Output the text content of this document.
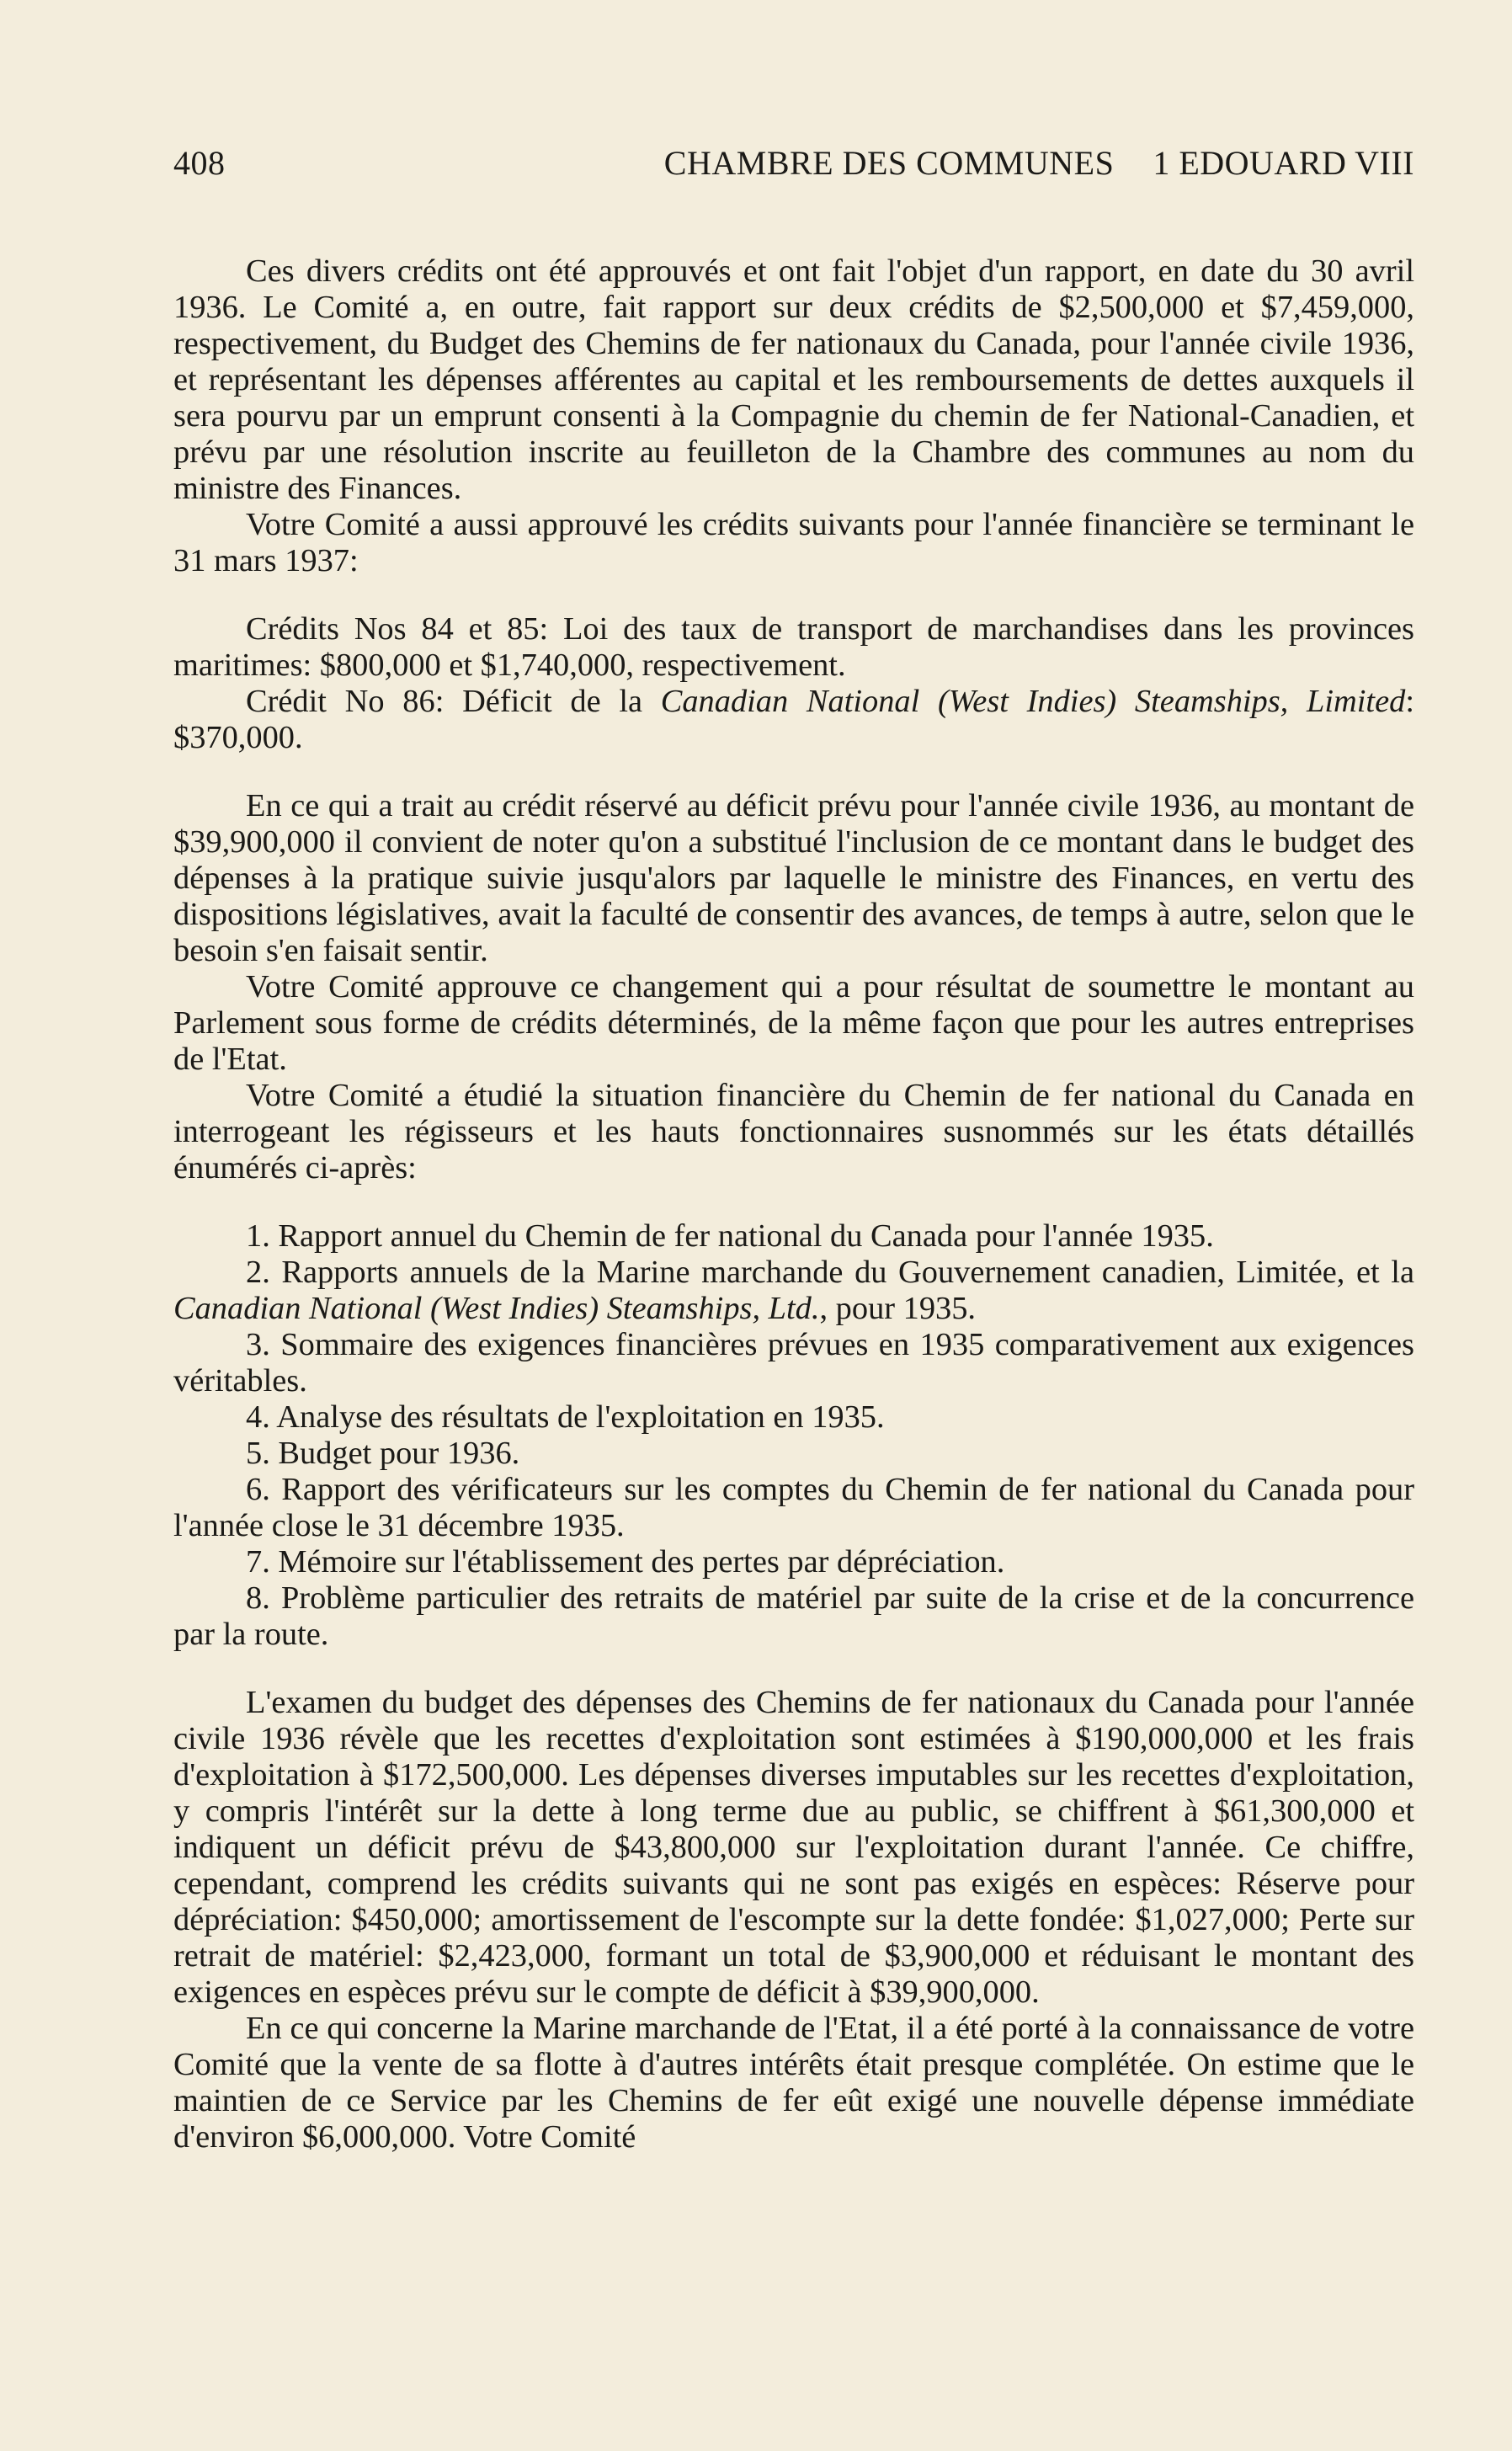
408	CHAMBRE DES COMMUNES	1 EDOUARD VIII

Ces divers crédits ont été approuvés et ont fait l'objet d'un rapport, en date du 30 avril 1936. Le Comité a, en outre, fait rapport sur deux crédits de $2,500,000 et $7,459,000, respectivement, du Budget des Chemins de fer nationaux du Canada, pour l'année civile 1936, et représentant les dépenses afférentes au capital et les remboursements de dettes auxquels il sera pourvu par un emprunt consenti à la Compagnie du chemin de fer National-Canadien, et prévu par une résolution inscrite au feuilleton de la Chambre des communes au nom du ministre des Finances.

Votre Comité a aussi approuvé les crédits suivants pour l'année financière se terminant le 31 mars 1937:

Crédits Nos 84 et 85: Loi des taux de transport de marchandises dans les provinces maritimes: $800,000 et $1,740,000, respectivement.

Crédit No 86: Déficit de la Canadian National (West Indies) Steamships, Limited: $370,000.

En ce qui a trait au crédit réservé au déficit prévu pour l'année civile 1936, au montant de $39,900,000 il convient de noter qu'on a substitué l'inclusion de ce montant dans le budget des dépenses à la pratique suivie jusqu'alors par laquelle le ministre des Finances, en vertu des dispositions législatives, avait la faculté de consentir des avances, de temps à autre, selon que le besoin s'en faisait sentir.

Votre Comité approuve ce changement qui a pour résultat de soumettre le montant au Parlement sous forme de crédits déterminés, de la même façon que pour les autres entreprises de l'Etat.

Votre Comité a étudié la situation financière du Chemin de fer national du Canada en interrogeant les régisseurs et les hauts fonctionnaires susnommés sur les états détaillés énumérés ci-après:

1. Rapport annuel du Chemin de fer national du Canada pour l'année 1935.
2. Rapports annuels de la Marine marchande du Gouvernement canadien, Limitée, et la Canadian National (West Indies) Steamships, Ltd., pour 1935.
3. Sommaire des exigences financières prévues en 1935 comparativement aux exigences véritables.
4. Analyse des résultats de l'exploitation en 1935.
5. Budget pour 1936.
6. Rapport des vérificateurs sur les comptes du Chemin de fer national du Canada pour l'année close le 31 décembre 1935.
7. Mémoire sur l'établissement des pertes par dépréciation.
8. Problème particulier des retraits de matériel par suite de la crise et de la concurrence par la route.

L'examen du budget des dépenses des Chemins de fer nationaux du Canada pour l'année civile 1936 révèle que les recettes d'exploitation sont estimées à $190,000,000 et les frais d'exploitation à $172,500,000. Les dépenses diverses imputables sur les recettes d'exploitation, y compris l'intérêt sur la dette à long terme due au public, se chiffrent à $61,300,000 et indiquent un déficit prévu de $43,800,000 sur l'exploitation durant l'année. Ce chiffre, cependant, comprend les crédits suivants qui ne sont pas exigés en espèces: Réserve pour dépréciation: $450,000; amortissement de l'escompte sur la dette fondée: $1,027,000; Perte sur retrait de matériel: $2,423,000, formant un total de $3,900,000 et réduisant le montant des exigences en espèces prévu sur le compte de déficit à $39,900,000.

En ce qui concerne la Marine marchande de l'Etat, il a été porté à la connaissance de votre Comité que la vente de sa flotte à d'autres intérêts était presque complétée. On estime que le maintien de ce Service par les Chemins de fer eût exigé une nouvelle dépense immédiate d'environ $6,000,000. Votre Comité
